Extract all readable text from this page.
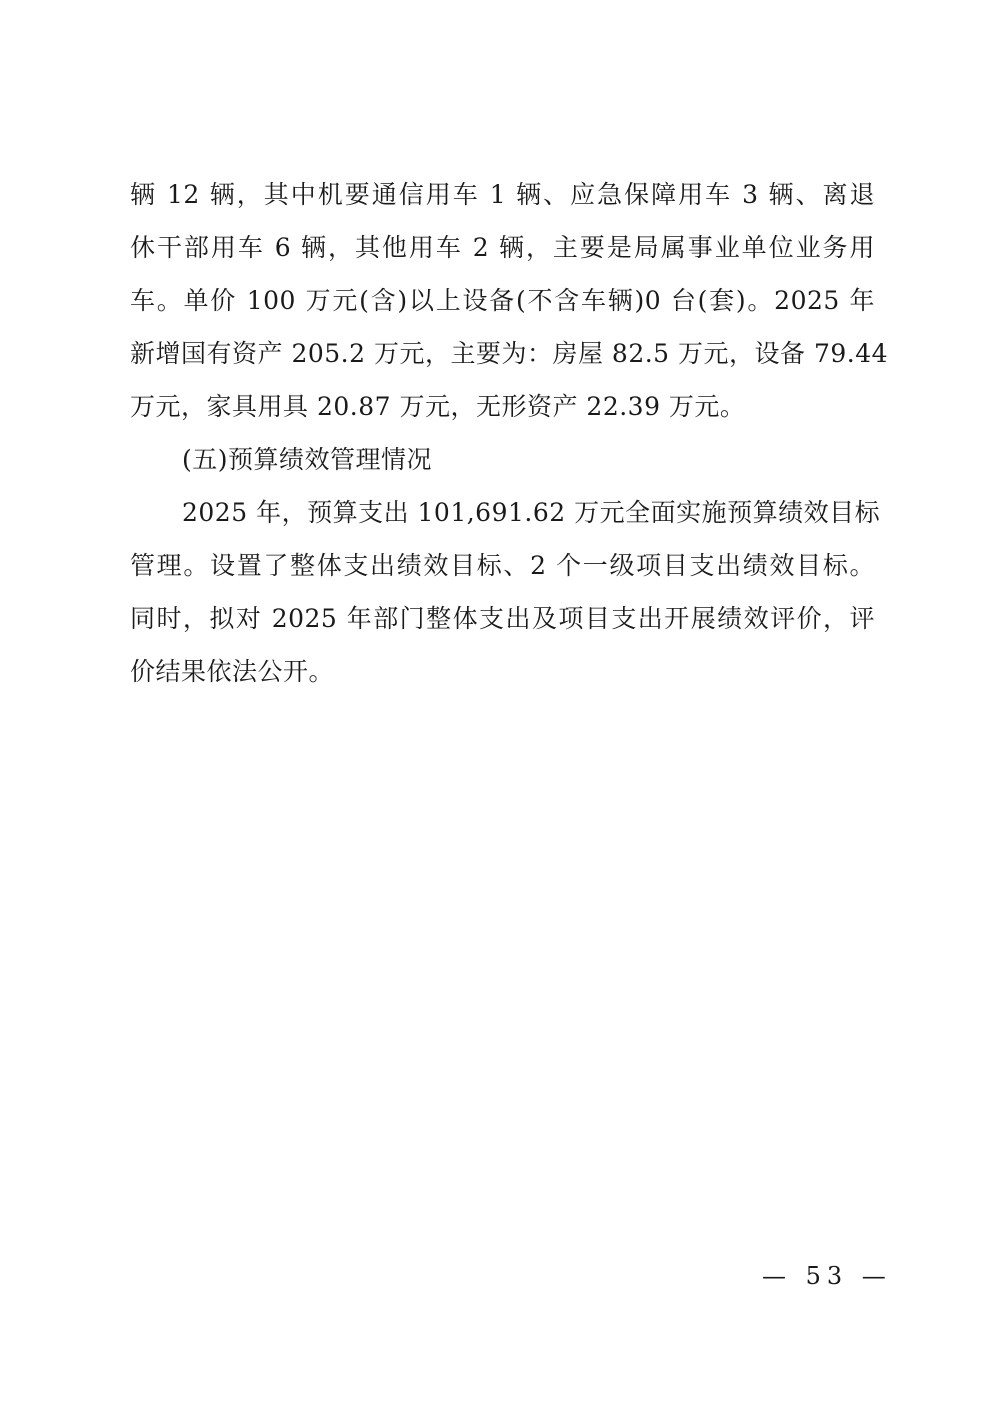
辆 12 辆，其中机要通信用车 1 辆、应急保障用车 3 辆、离退
休干部用车 6 辆，其他用车 2 辆，主要是局属事业单位业务用
车。单价 100 万元(含)以上设备(不含车辆)0 台(套)。2025 年
新增国有资产 205.2 万元，主要为：房屋 82.5 万元，设备 79.44
万元，家具用具 20.87 万元，无形资产 22.39 万元。
(五)预算绩效管理情况
2025 年，预算支出 101,691.62 万元全面实施预算绩效目标
管理。设置了整体支出绩效目标、2 个一级项目支出绩效目标。
同时，拟对 2025 年部门整体支出及项目支出开展绩效评价，评
价结果依法公开。
— 53 —
